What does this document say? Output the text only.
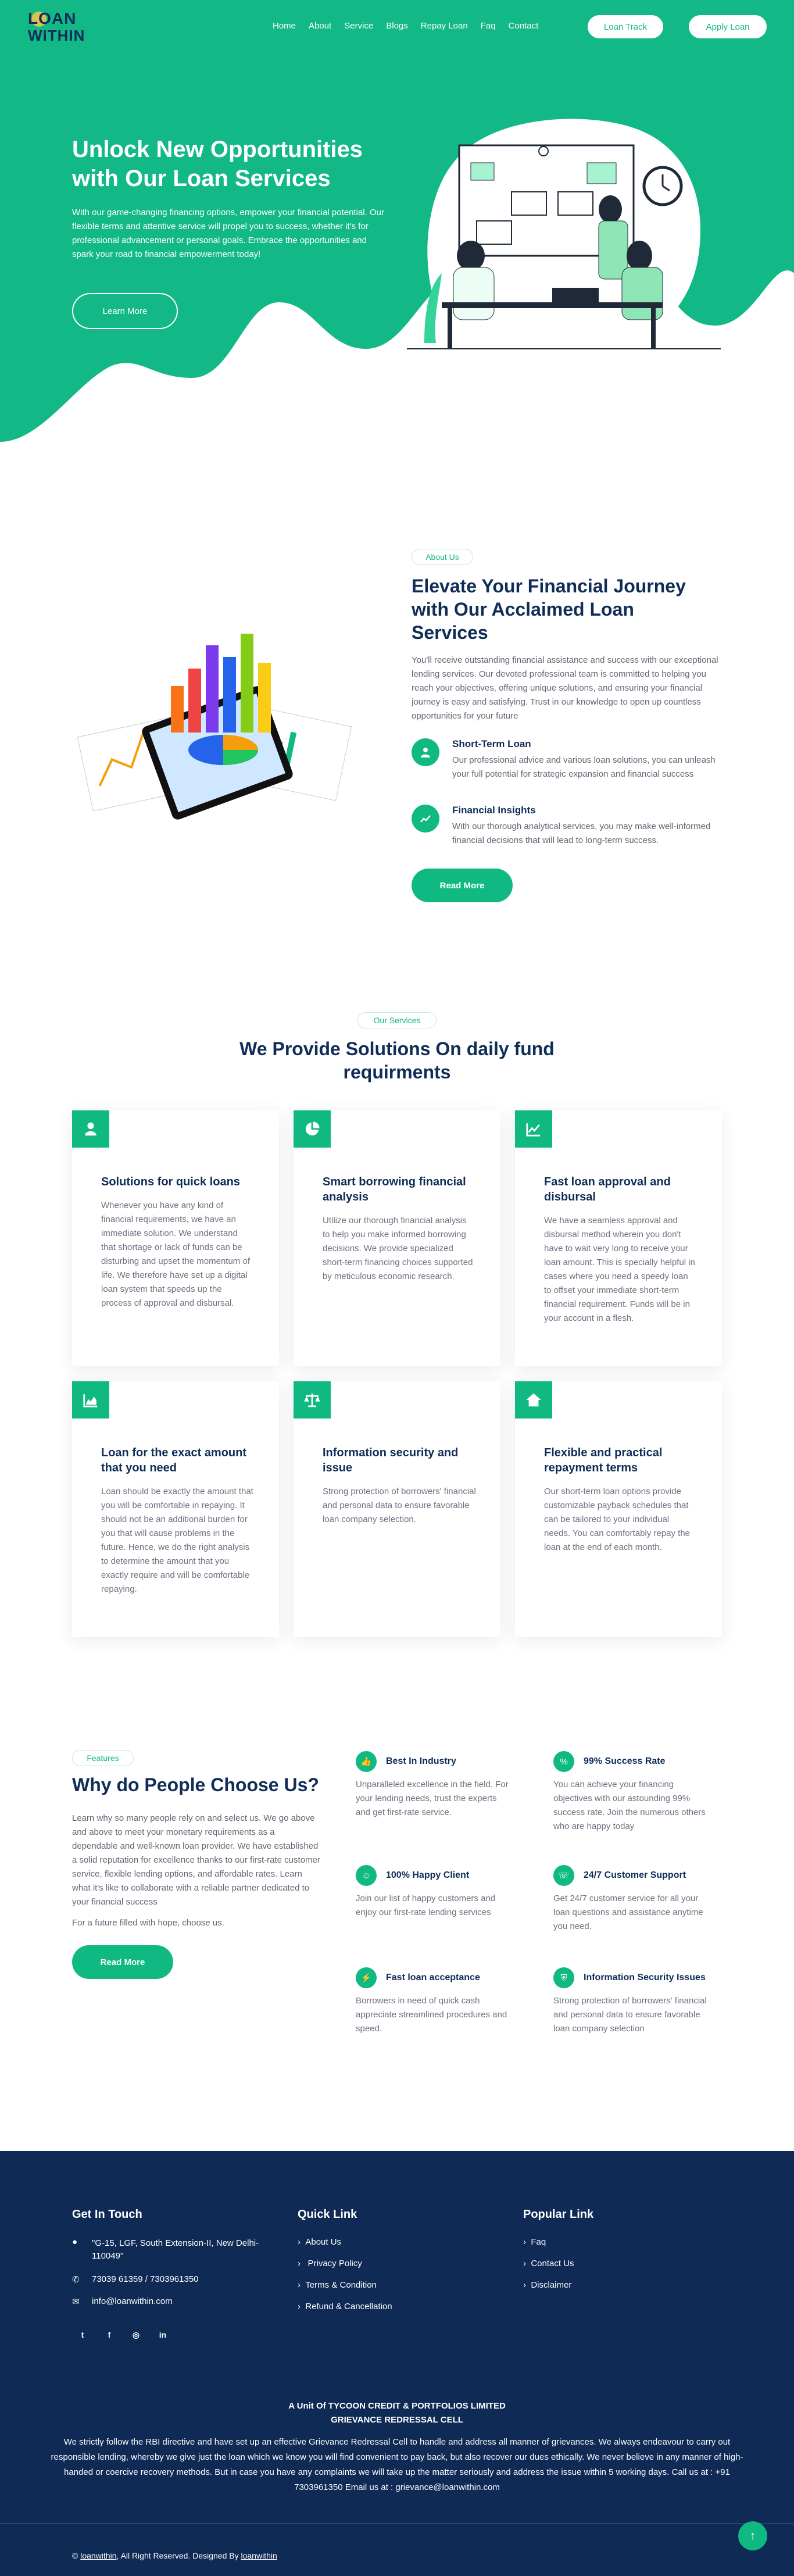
LOAN
WITHIN
Home About Service Blogs Repay Loan Faq Contact	Loan Track	Apply Loan
Unlock New Opportunities with Our Loan Services

With our game-changing financing options, empower your financial potential. Our flexible terms and attentive service will propel you to success, whether it's for professional advancement or personal goals. Embrace the opportunities and spark your road to financial empowerment today!

Learn More
About Us
Elevate Your Financial Journey with Our Acclaimed Loan Services

You'll receive outstanding financial assistance and success with our exceptional lending services. Our devoted professional team is committed to helping you reach your objectives, offering unique solutions, and ensuring your financial journey is easy and satisfying. Trust in our knowledge to open up countless opportunities for your future

Short-Term Loan

Our professional advice and various loan solutions, you can unleash your full potential for strategic expansion and financial success

Financial Insights

With our thorough analytical services, you may make well-informed financial decisions that will lead to long-term success.

Read More
Our Services
We Provide Solutions On daily fund requirments
Solutions for quick loans

Whenever you have any kind of financial requirements, we have an immediate solution. We understand that shortage or lack of funds can be disturbing and upset the momentum of life. We therefore have set up a digital loan system that speeds up the process of approval and disbursal.

Smart borrowing financial analysis

Utilize our thorough financial analysis to help you make informed borrowing decisions. We provide specialized short-term financing choices supported by meticulous economic research.

Fast loan approval and disbursal

We have a seamless approval and disbursal method wherein you don't have to wait very long to receive your loan amount. This is specially helpful in cases where you need a speedy loan to offset your immediate short-term financial requirement. Funds will be in your account in a flesh.

Loan for the exact amount that you need

Loan should be exactly the amount that you will be comfortable in repaying. It should not be an additional burden for you that will cause problems in the future. Hence, we do the right analysis to determine the amount that you exactly require and will be comfortable repaying.

Information security and issue

Strong protection of borrowers' financial and personal data to ensure favorable loan company selection.

Flexible and practical repayment terms

Our short-term loan options provide customizable payback schedules that can be tailored to your individual needs. You can comfortably repay the loan at the end of each month.

Features
Why do People Choose Us?

Learn why so many people rely on and select us. We go above and above to meet your monetary requirements as a dependable and well-known loan provider. We have established a solid reputation for excellence thanks to our first-rate customer service, flexible lending options, and affordable rates. Learn what it's like to collaborate with a reliable partner dedicated to your financial success

For a future filled with hope, choose us.

Read More
👍	Best In Industry
Unparalleled excellence in the field. For your lending needs, trust the experts and get first-rate service.
%	99% Success Rate
You can achieve your financing objectives with our astounding 99% success rate. Join the numerous others who are happy today
☺	100% Happy Client
Join our list of happy customers and enjoy our first-rate lending services
☏	24/7 Customer Support
Get 24/7 customer service for all your loan questions and assistance anytime you need.
⚡	Fast loan acceptance
Borrowers in need of quick cash appreciate streamlined procedures and speed.
⛨	Information Security Issues
Strong protection of borrowers' financial and personal data to ensure favorable loan company selection
Get In Touch
● "G-15, LGF, South Extension-II, New Delhi-110049"
✆ 73039 61359 / 7303961350
✉ info@loanwithin.com
t	f	◎	in
Quick Link
›  About Us
›   Privacy Policy
›  Terms & Condition
›  Refund & Cancellation
Popular Link
›  Faq
›  Contact Us
›  Disclaimer
A Unit Of TYCOON CREDIT & PORTFOLIOS LIMITED
GRIEVANCE REDRESSAL CELL
We strictly follow the RBI directive and have set up an effective Grievance Redressal Cell to handle and address all manner of grievances. We always endeavour to carry out responsible lending, whereby we give just the loan which we know you will find convenient to pay back, but also recover our dues ethically. We never believe in any manner of high-handed or coercive recovery methods. But in case you have any complaints we will take up the matter seriously and address the issue within 5 working days. Call us at : +91 7303961350 Email us at : grievance@loanwithin.com
© loanwithin, All Right Reserved. Designed By loanwithin
↑
